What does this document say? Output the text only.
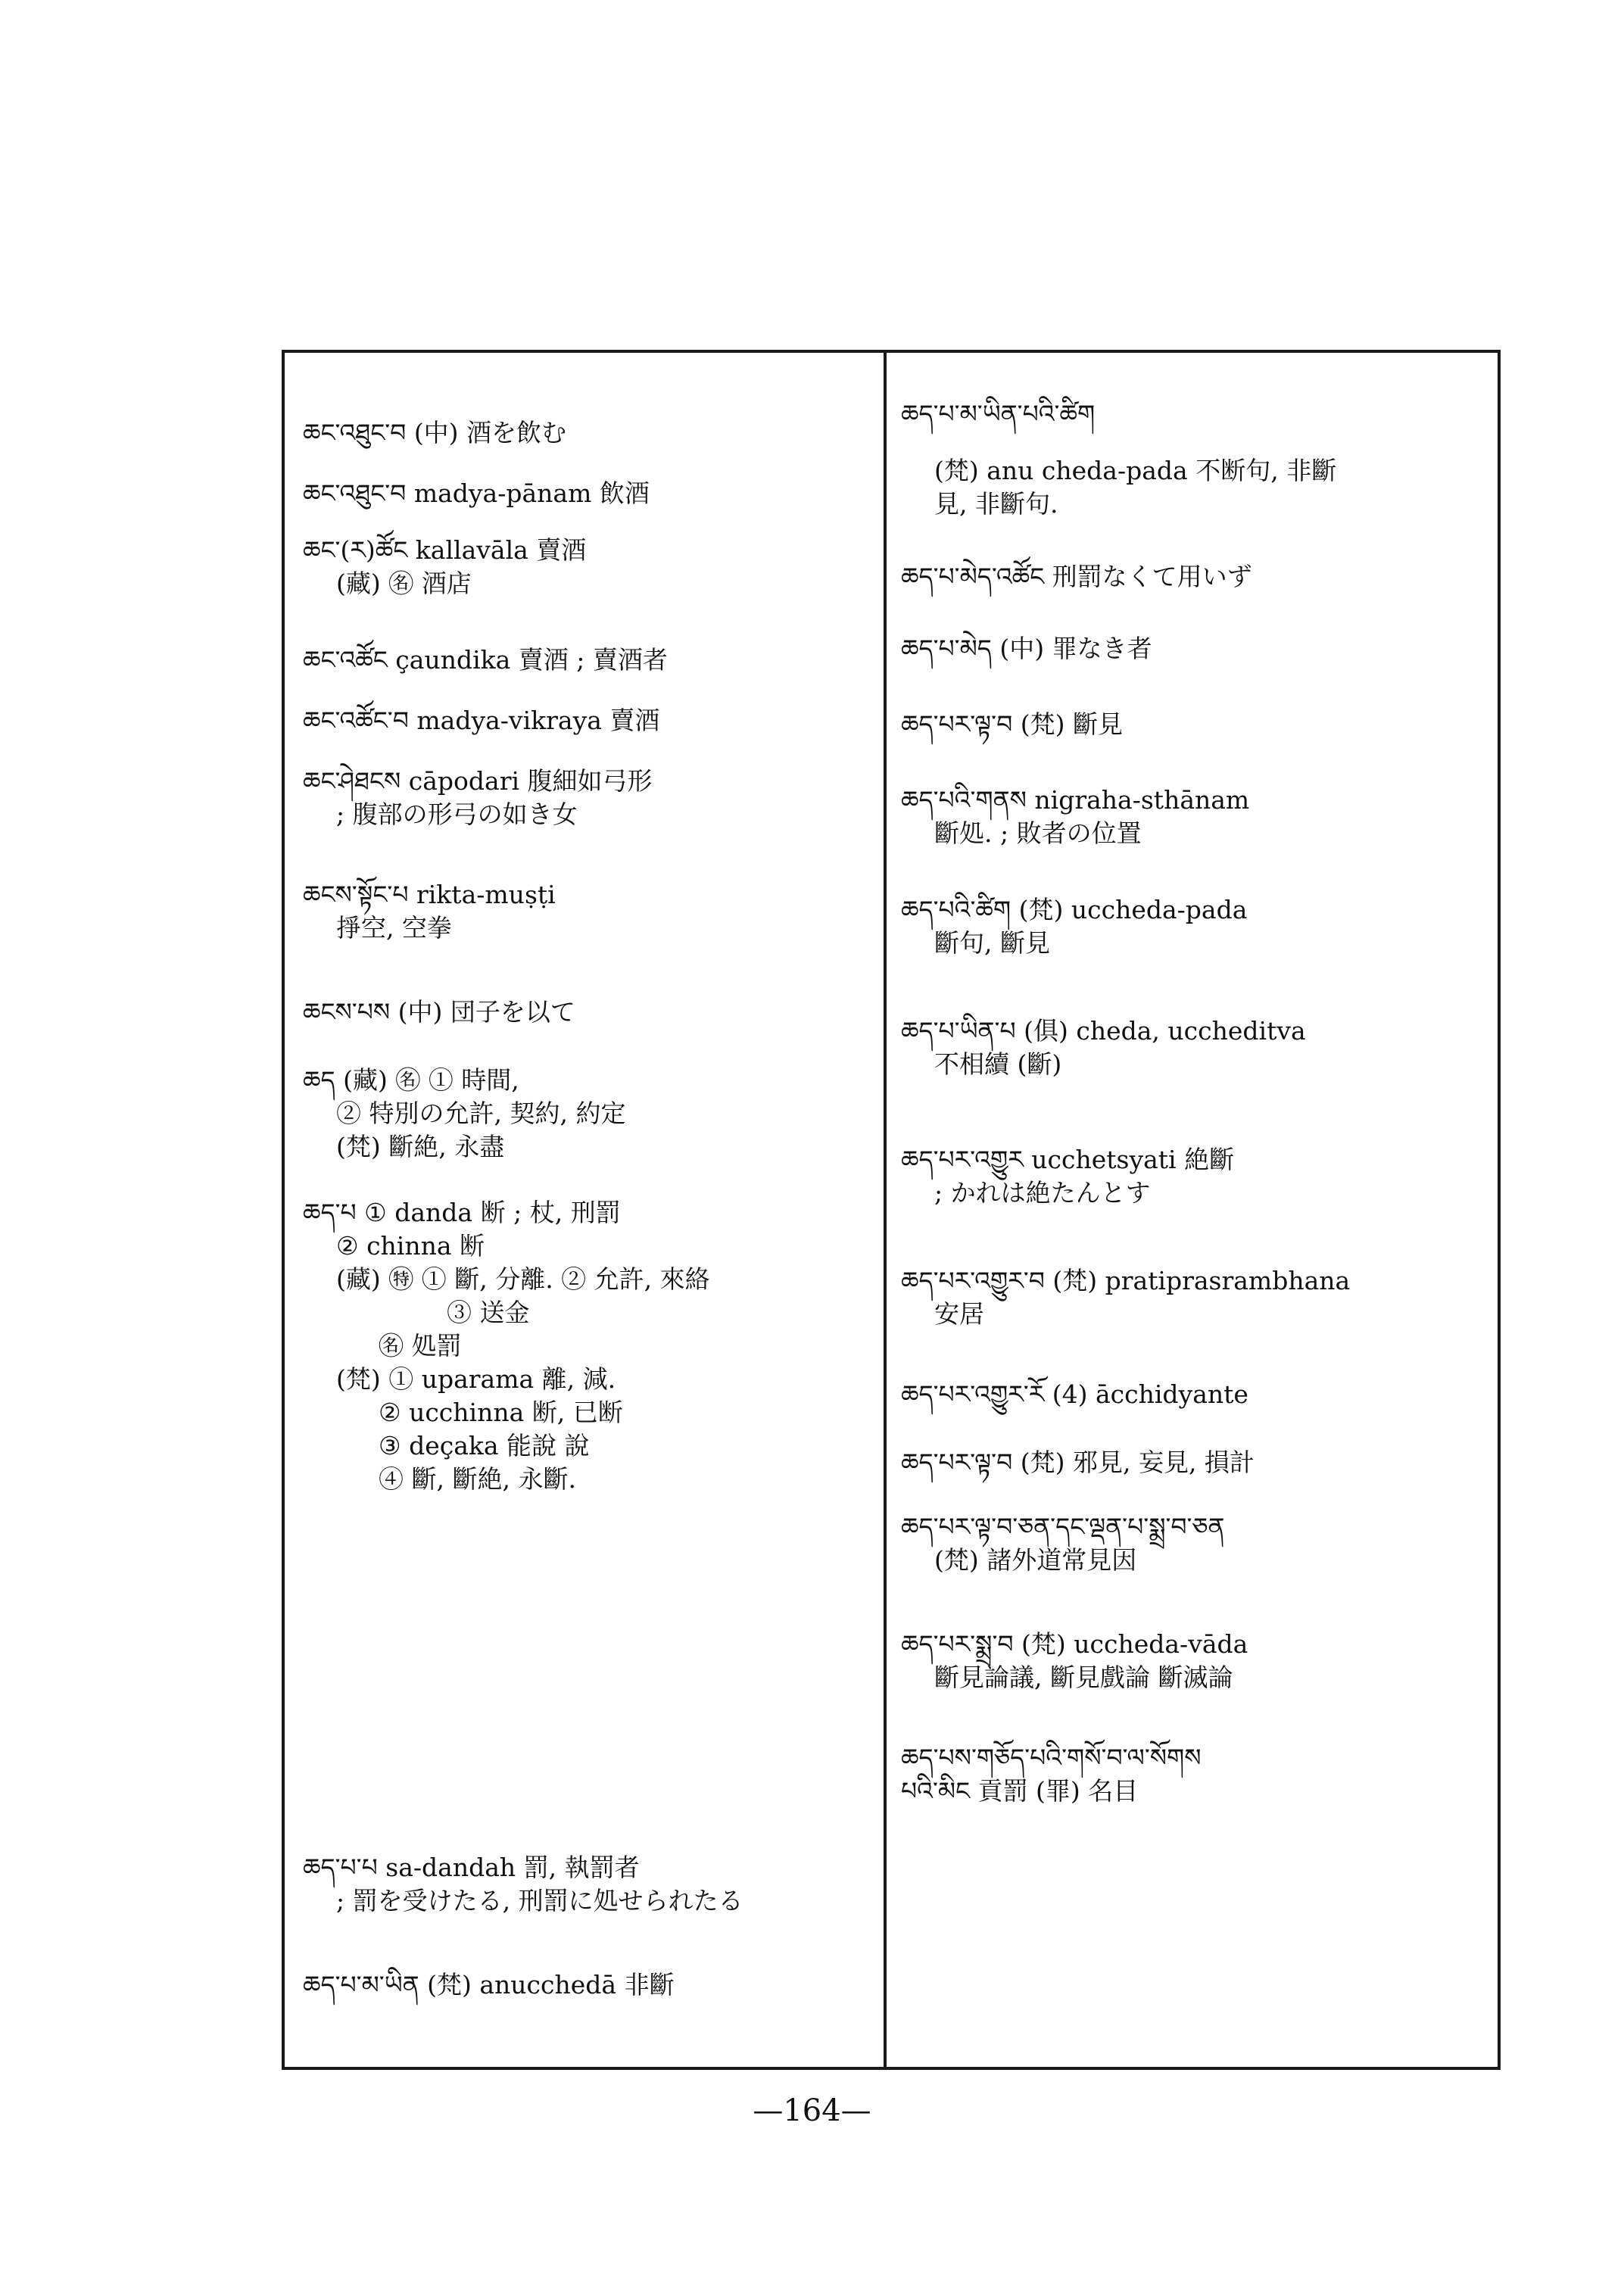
ཆང་འཐུང་བ (中) 酒を飲む
ཆང་འཐུང་བ madya-pānam 飲酒
ཆང་(ར)ཚོང kallavāla 賣酒
(藏) ㊔ 酒店
ཆང་འཚོང çaundika 賣酒 ; 賣酒者
ཆང་འཚོང་བ madya-vikraya 賣酒
ཆང་ཤེཐངས cāpodari 腹細如弓形
; 腹部の形弓の如き女
ཆངས་སྟོང་པ rikta-muṣṭi
掙空, 空拳
ཆངས་པས (中) 団子を以て
ཆད (藏) ㊔ ① 時間,
② 特別の允許, 契約, 約定
(梵) 斷絶, 永盡
ཆད་པ ① danda 断 ; 杖, 刑罰
② chinna 断
(藏) ㊕ ① 斷, 分離. ② 允許, 來絡
③ 送金
㊔ 処罰
(梵) ① uparama 離, 減.
② ucchinna 断, 已断
③ deçaka 能說 說
④ 斷, 斷絶, 永斷.
ཆད་པ་པ sa-dandah 罰, 執罰者
; 罰を受けたる, 刑罰に処せられたる
ཆད་པ་མ་ཡིན (梵) anucchedā 非斷
ཆད་པ་མ་ཡིན་པའི་ཚིག
(梵) anu cheda-pada 不断句, 非斷
見, 非斷句.
ཆད་པ་མེད་འཚོང 刑罰なくて用いず
ཆད་པ་མེད (中) 罪なき者
ཆད་པར་ལྟ་བ (梵) 斷見
ཆད་པའི་གནས nigraha-sthānam
斷処. ; 敗者の位置
ཆད་པའི་ཚིག (梵) uccheda-pada
斷句, 斷見
ཆད་པ་ཡིན་པ (俱) cheda, uccheditva
不相續 (斷)
ཆད་པར་འགྱུར ucchetsyati 絶斷
; かれは絶たんとす
ཆད་པར་འགྱུར་བ (梵) pratiprasrambhana
安居
ཆད་པར་འགྱུར་རོ (4) ācchidyante
ཆད་པར་ལྟ་བ (梵) 邪見, 妄見, 損計
ཆད་པར་ལྟ་བ་ཅན་དང་ལྡན་པ་སྨྲ་བ་ཅན
(梵) 諸外道常見因
ཆད་པར་སྨྲ་བ (梵) uccheda-vāda
斷見論議, 斷見戲論 斷滅論
ཆད་པས་གཅོད་པའི་གསོ་བ་ལ་སོགས
པའི་མིང 貢罰 (罪) 名目
—164—
